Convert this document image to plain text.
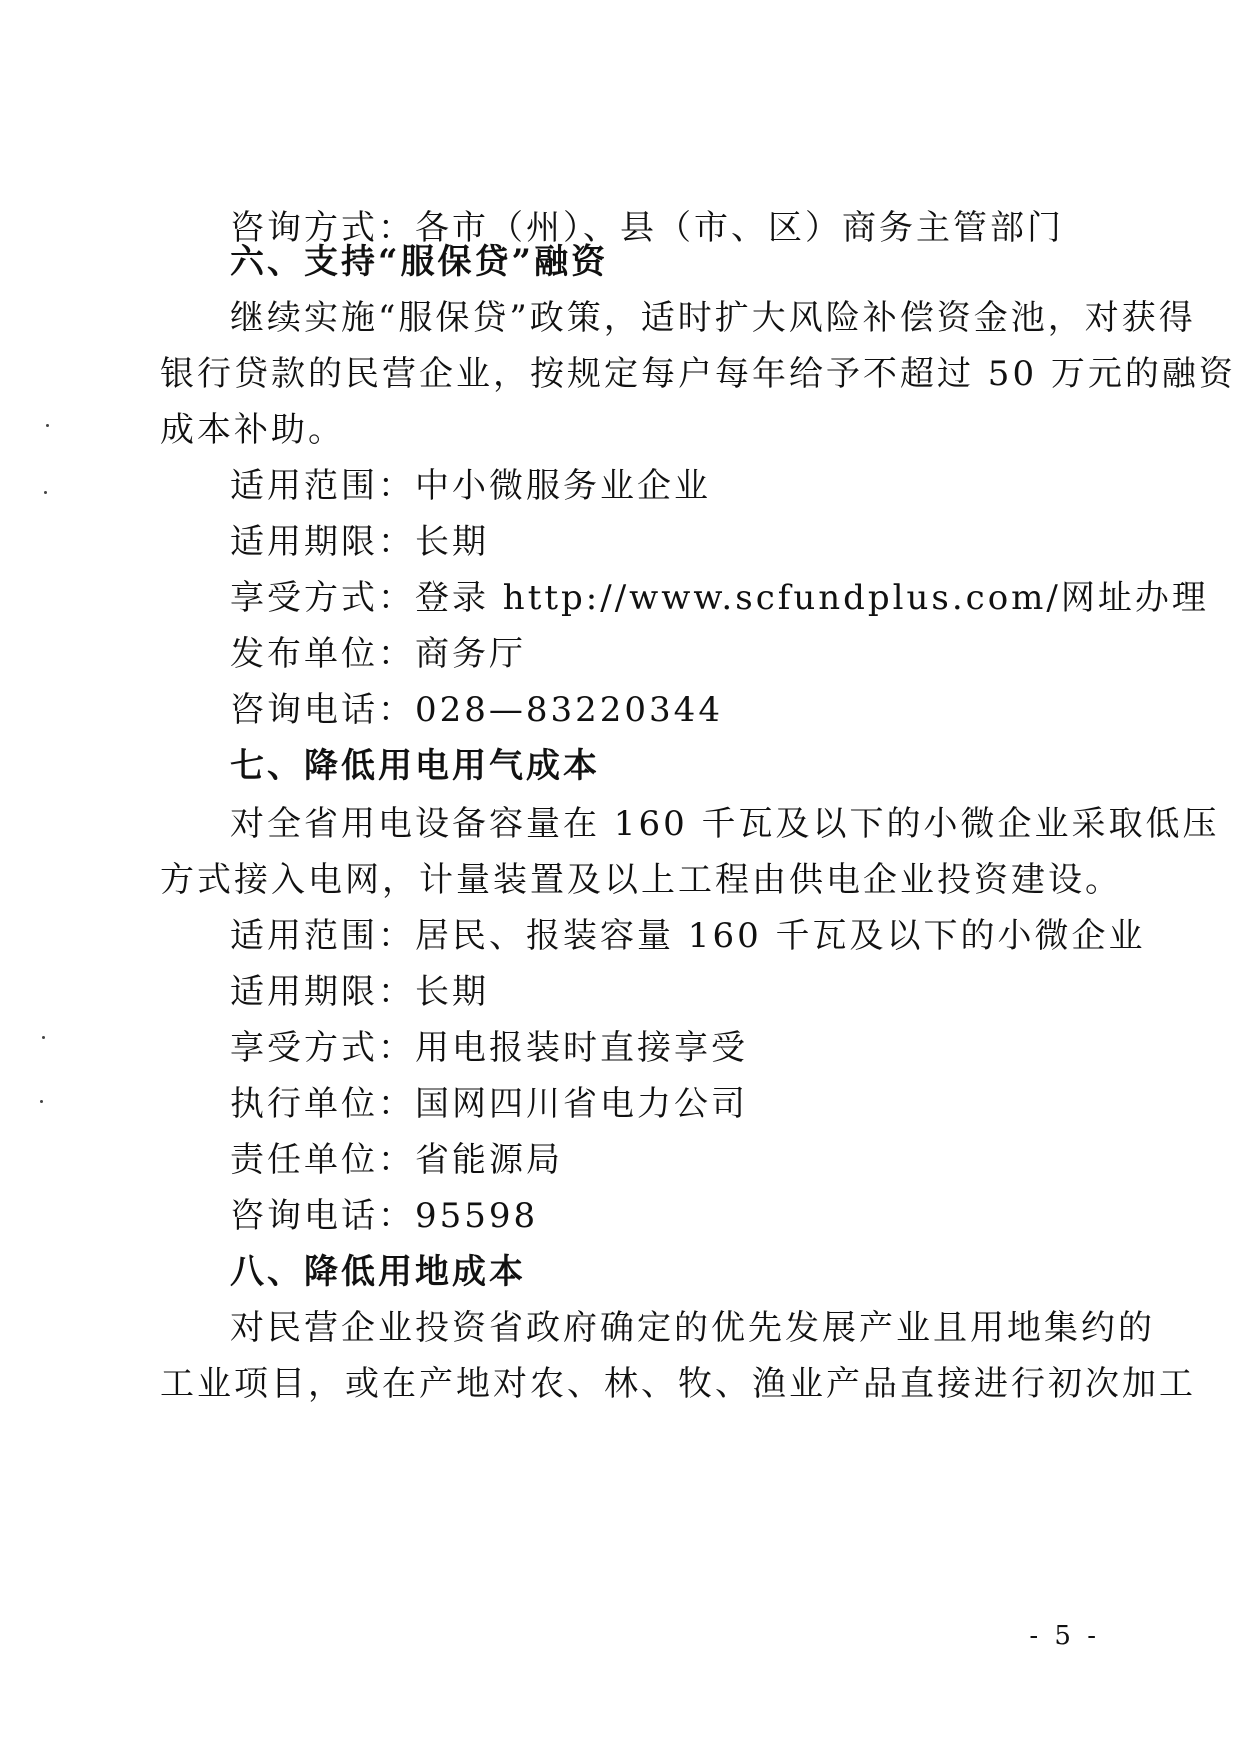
咨询方式：各市（州）、县（市、区）商务主管部门
六、支持“服保贷”融资
继续实施“服保贷”政策，适时扩大风险补偿资金池，对获得
银行贷款的民营企业，按规定每户每年给予不超过 50 万元的融资
成本补助。
适用范围：中小微服务业企业
适用期限：长期
享受方式：登录 http://www.scfundplus.com/网址办理
发布单位：商务厅
咨询电话：028—83220344
七、降低用电用气成本
对全省用电设备容量在 160 千瓦及以下的小微企业采取低压
方式接入电网，计量装置及以上工程由供电企业投资建设。
适用范围：居民、报装容量 160 千瓦及以下的小微企业
适用期限：长期
享受方式：用电报装时直接享受
执行单位：国网四川省电力公司
责任单位：省能源局
咨询电话：95598
八、降低用地成本
对民营企业投资省政府确定的优先发展产业且用地集约的
工业项目，或在产地对农、林、牧、渔业产品直接进行初次加工
- 5 -
